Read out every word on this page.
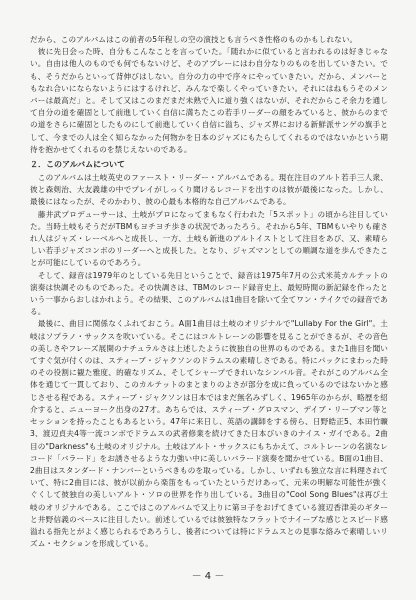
だから、このアルバムはこの前者の5年程しの空の演技とも言うべき性格のものかもしれない。
　彼に先日会った時、自分もこんなことを言っていた。「随れかに似ていると言われるのは好きじゃない。自由は他人のものでも何でもないけど、そのアプレーにはわ自分なりのものを出していきたい。でも、そうだからといって背伸びはしない。自分の力の中で序々にやっていきたい。だから、メンバーともなれ合いにならないようにはするけれど、みんなで楽しくやっていきたい。それにはねもうそのメンバーは最高だ」と。そして又はこのまだまだ未熟で入に道り強くはないが、それだからこそ余力を通して自分の道を確固として前進していく自信に満ちたこの若手リーダーの顔をみていると、彼からのまでの道をさらに確固としたものにして前進していく自信に溢ち、ジャズ界における新鮮派サンゲの旗手として、今までの人は全く知らなかった何物かを日本のジャズにもたらしてくれるのではないかという期待を抱かせてくれるのを禁じえないのである。

２．このアルバムについて

　このアルバムは土岐英史のファースト・リーダー・アルバムである。現在注目のアルト若手三人衆、彼と森剣治、大友義雄の中でプレイがしっくり聞けるレコードを出すのは彼が最後になった。しかし、最後にはなったが、そのかわり、彼の心最も本格的な自己アルバムである。

　藤井武プロデューサーは、土岐がプロになってまもなく行われた「5スポット」の頃から注目していた。当時土岐もそうだがTBMもヨチヨチ歩きの状況であったろう。それから5年、TBMもいやりも確され人はジャズ・レーベルへと成長し、一方、土岐も新進のアルトイストとして注目をあび、又、素晴らしい若手ジャズコンボのリーダーへと成長した。となり、ジャズマンとしての順調な道を歩んできたことが可能にしているのであろう。

　そして、録音は1979年のとしている先日ということで、録音は1975年7月の公式米英カルテットの演奏は快調そのものであった。その快調さは、TBMのレコード録音史上、最短時間の新記録を作ったという一事からおしはかれよう。その結果、このアルバムは1曲目を除いて全てワン・テイクでの録音である。

　最後に、曲目に関係なくふれておこう。A面1曲目は土岐のオリジナルで"Lullaby For the Girl"。土岐はソプラノ・サックスを吹いている。そこにはコルトレーンの影響を見ることができるが、その音色の美しさやフレーズ展開のナチュラルさは上述したように彼独自の世界のものである。また1曲目を聞いてすぐ気が付くのは、スティーブ・ジャクソンのドラムスの素晴しさである。特にパックにまわった時のその役割に観た雅度、的確なリズム、そしてシャープできれいなシンバル音。それがこのアルバム全体を通じて一貫しており、このカルテットのまとまりのよさが部分を成に負っているのではないかと感じさせる程である。スティーブ・ジャクソンは日本ではまだ無名みずしく、1965年のからが、略歴を紹介すると、ニューヨーク出身の27才。あちらでは、スティーブ・グロスマン、デイブ・リーブマン等とセッションを持ったこともあるという。47年に来日し、英語の講師をする傍ら、日野皓正5、本田竹曠3、渡辺貞夫4等一流コンボでドラムスの武者修業を続けてきた日本びいきのナイス・ガイである。2曲目の"Darkness"も土岐のオリジナル。土岐はアルト・サックスにもちかえて、コルトレーンの名演なレコード「バラード」をお誘させるような力強い中に美しいバラード演奏を聞かせている。B面の1曲目、2曲目はスタンダード・ナンバーというべきものを取っている。しかし、いずれも独立な言に料理されていて、特に2曲目には、彼が以前から楽笛をもっていたというだけあって、元来の明解な可能性が強くぐくして彼独自の美しいアルト・ソロの世界を作り出している。3曲目の"Cool Song Blues"は再び土岐のオリジナルである。ここではこのアルバムで又上りに第ヨ子をおげてきている渡辺香津美のギターと井野信義のベースに注目したい。前述しているでは彼独特なフラットでナイーブな感じとスピード感溢れる指先とがよく感じられるであろうし、後者については特にドラムスとの見事な絡みで素晴しいリズム・セクションを形成している。

－ 4 －
